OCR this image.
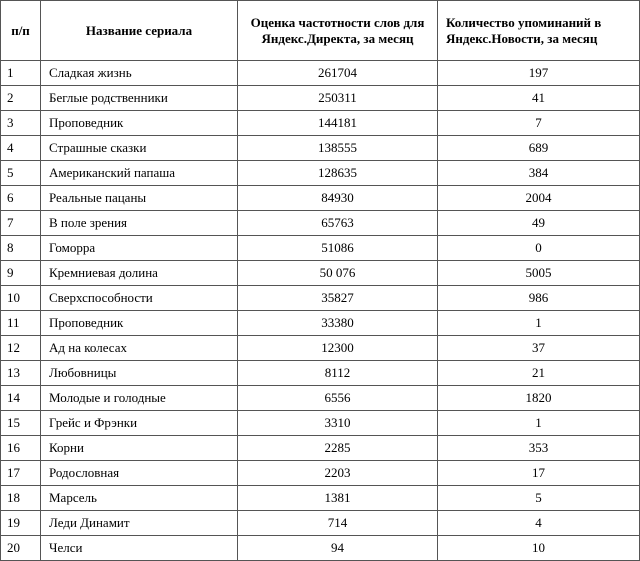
п/п	Название сериала	Оценка частотности слов для Яндекс.Директа, за месяц	Количество упоминаний в Яндекс.Новости, за месяц
1	Сладкая жизнь	261704	197
2	Беглые родственники	250311	41
3	Проповедник	144181	7
4	Страшные сказки	138555	689
5	Американский папаша	128635	384
6	Реальные пацаны	84930	2004
7	В поле зрения	65763	49
8	Гоморра	51086	0
9	Кремниевая долина	50 076	5005
10	Сверхспособности	35827	986
11	Проповедник	33380	1
12	Ад на колесах	12300	37
13	Любовницы	8112	21
14	Молодые и голодные	6556	1820
15	Грейс и Фрэнки	3310	1
16	Корни	2285	353
17	Родословная	2203	17
18	Марсель	1381	5
19	Леди Динамит	714	4
20	Челси	94	10
